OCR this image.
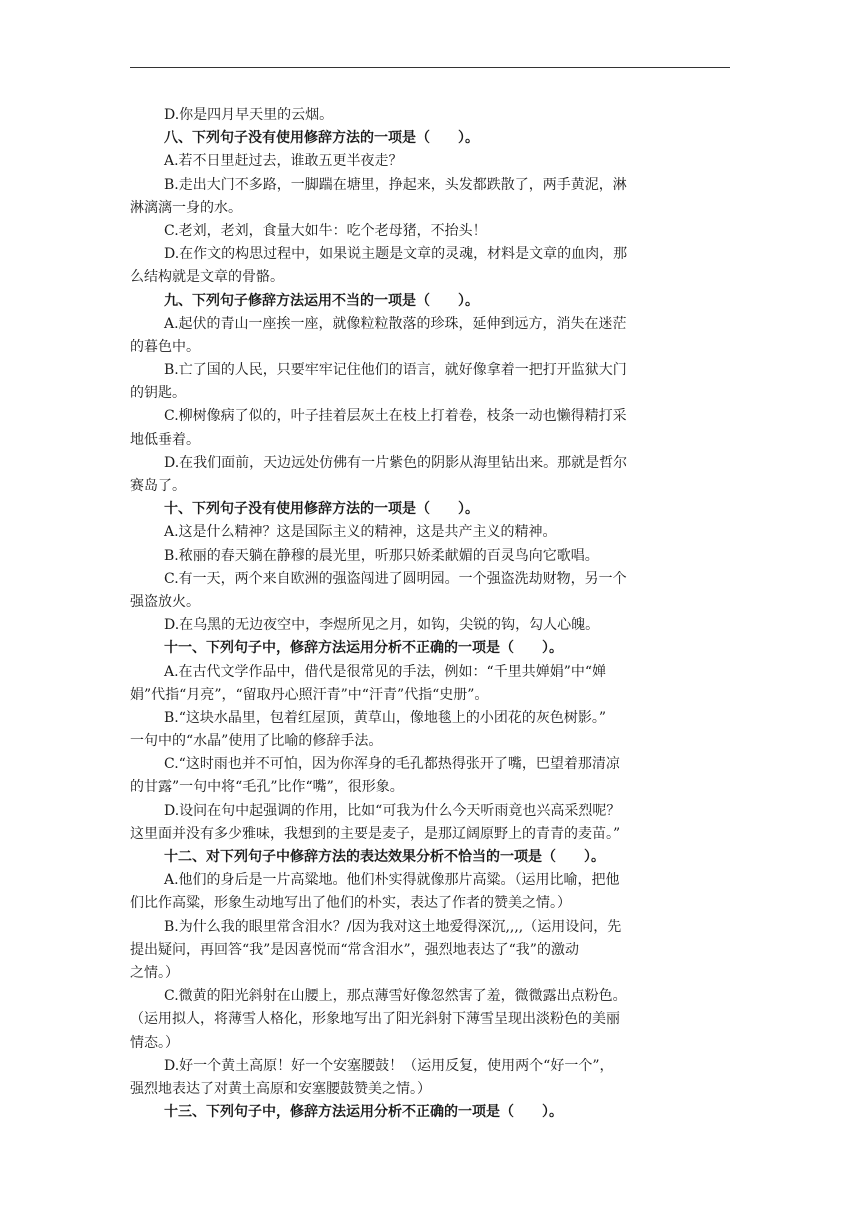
D.你是四月早天里的云烟。
八、下列句子没有使用修辞方法的一项是（　　）。
A.若不日里赶过去，谁敢五更半夜走？
B.走出大门不多路，一脚踹在塘里，挣起来，头发都跌散了，两手黄泥，淋
淋漓漓一身的水。
C.老刘，老刘，食量大如牛：吃个老母猪，不抬头！
D.在作文的构思过程中，如果说主题是文章的灵魂，材料是文章的血肉，那
么结构就是文章的骨骼。
九、下列句子修辞方法运用不当的一项是（　　）。
A.起伏的青山一座挨一座，就像粒粒散落的珍珠，延伸到远方，消失在迷茫
的暮色中。
B.亡了国的人民，只要牢牢记住他们的语言，就好像拿着一把打开监狱大门
的钥匙。
C.柳树像病了似的，叶子挂着层灰土在枝上打着卷，枝条一动也懒得精打采
地低垂着。
D.在我们面前，天边远处仿佛有一片紫色的阴影从海里钻出来。那就是哲尔
赛岛了。
十、下列句子没有使用修辞方法的一项是（　　）。
A.这是什么精神？这是国际主义的精神，这是共产主义的精神。
B.秾丽的春天躺在静穆的晨光里，听那只娇柔献媚的百灵鸟向它歌唱。
C.有一天，两个来自欧洲的强盗闯进了圆明园。一个强盗洗劫财物，另一个
强盗放火。
D.在乌黑的无边夜空中，李煜所见之月，如钩，尖锐的钩，勾人心魄。
十一、下列句子中，修辞方法运用分析不正确的一项是（　　）。
A.在古代文学作品中，借代是很常见的手法，例如：“千里共婵娟”中“婵
娟”代指“月亮”，“留取丹心照汗青”中“汗青”代指“史册”。
B.“这块水晶里，包着红屋顶，黄草山，像地毯上的小团花的灰色树影。”
一句中的“水晶”使用了比喻的修辞手法。
C.“这时雨也并不可怕，因为你浑身的毛孔都热得张开了嘴，巴望着那清凉
的甘露”一句中将“毛孔”比作“嘴”，很形象。
D.设问在句中起强调的作用，比如“可我为什么今天听雨竟也兴高采烈呢？
这里面并没有多少雅味，我想到的主要是麦子，是那辽阔原野上的青青的麦苗。”
十二、对下列句子中修辞方法的表达效果分析不恰当的一项是（　　）。
A.他们的身后是一片高粱地。他们朴实得就像那片高粱。（运用比喻，把他
们比作高粱，形象生动地写出了他们的朴实，表达了作者的赞美之情。）
B.为什么我的眼里常含泪水？/因为我对这土地爱得深沉,,,,（运用设问，先
提出疑问，再回答“我”是因喜悦而“常含泪水”，强烈地表达了“我”的激动
之情。）
C.微黄的阳光斜射在山腰上，那点薄雪好像忽然害了羞，微微露出点粉色。
（运用拟人，将薄雪人格化，形象地写出了阳光斜射下薄雪呈现出淡粉色的美丽
情态。）
D.好一个黄土高原！好一个安塞腰鼓！（运用反复，使用两个“好一个”，
强烈地表达了对黄土高原和安塞腰鼓赞美之情。）
十三、下列句子中，修辞方法运用分析不正确的一项是（　　）。
